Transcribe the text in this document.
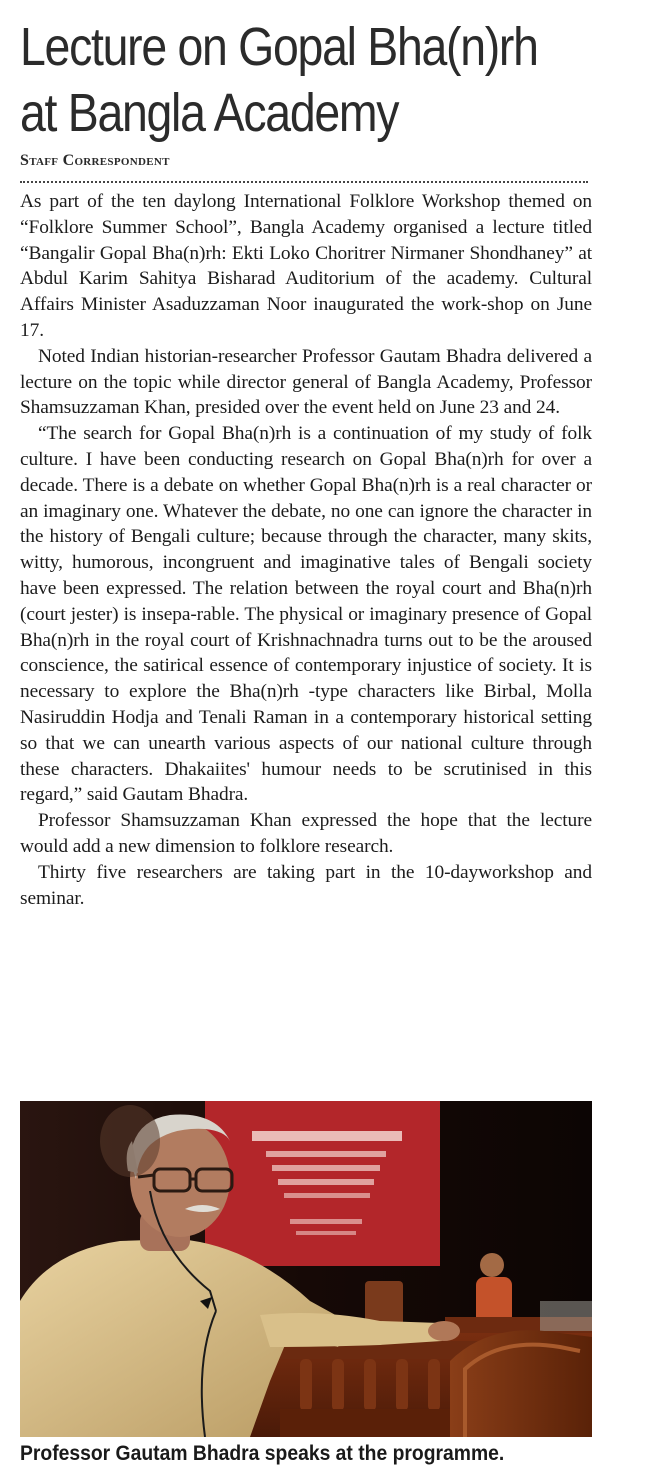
Lecture on Gopal Bha(n)rh
at Bangla Academy
Staff Correspondent

As part of the ten daylong International Folklore Workshop themed on “Folklore Summer School”, Bangla Academy organised a lecture titled “Bangalir Gopal Bha(n)rh: Ekti Loko Choritrer Nirmaner Shondhaney” at Abdul Karim Sahitya Bisharad Auditorium of the academy. Cultural Affairs Minister Asaduzzaman Noor inaugurated the work-shop on June 17.

Noted Indian historian-researcher Professor Gautam Bhadra delivered a lecture on the topic while director general of Bangla Academy, Professor Shamsuzzaman Khan, presided over the event held on June 23 and 24.

“The search for Gopal Bha(n)rh is a continuation of my study of folk culture. I have been conducting research on Gopal Bha(n)rh for over a decade. There is a debate on whether Gopal Bha(n)rh is a real character or an imaginary one. Whatever the debate, no one can ignore the character in the history of Bengali culture; because through the character, many skits, witty, humorous, incongruent and imaginative tales of Bengali society have been expressed. The relation between the royal court and Bha(n)rh (court jester) is insepa-rable. The physical or imaginary presence of Gopal Bha(n)rh in the royal court of Krishnachnadra turns out to be the aroused conscience, the satirical essence of contemporary injustice of society. It is necessary to explore the Bha(n)rh -type characters like Birbal, Molla Nasiruddin Hodja and Tenali Raman in a contemporary historical setting so that we can unearth various aspects of our national culture through these characters. Dhakaiites' humour needs to be scrutinised in this regard,” said Gautam Bhadra.

Professor Shamsuzzaman Khan expressed the hope that the lecture would add a new dimension to folklore research.

Thirty five researchers are taking part in the 10-dayworkshop and seminar.

Professor Gautam Bhadra speaks at the programme.
